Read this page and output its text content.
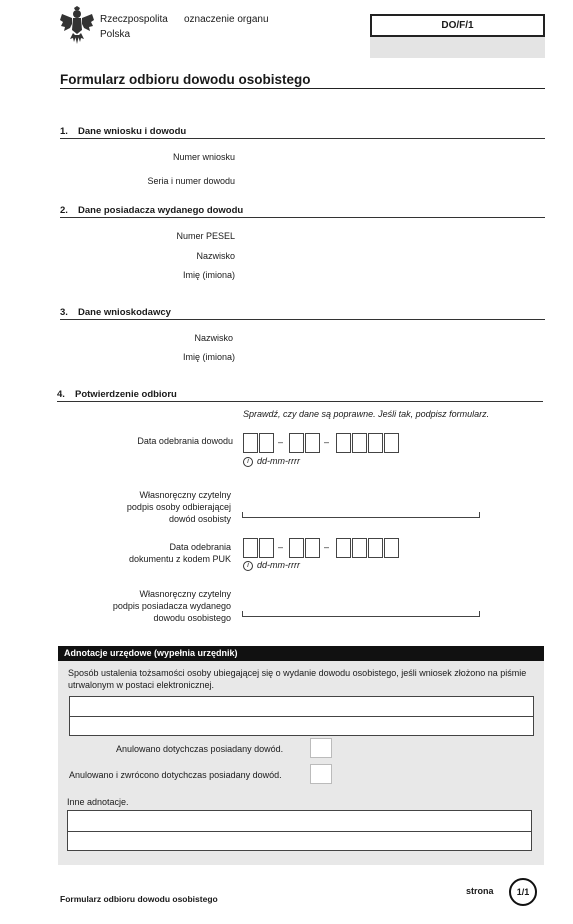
Rzeczpospolita
Polska
oznaczenie organu
DO/F/1
Formularz odbioru dowodu osobistego
1. Dane wniosku i dowodu
Numer wniosku
Seria i numer dowodu
2. Dane posiadacza wydanego dowodu
Numer PESEL
Nazwisko
Imię (imiona)
3. Dane wnioskodawcy
Nazwisko
Imię (imiona)
4. Potwierdzenie odbioru
Sprawdź, czy dane są poprawne. Jeśli tak, podpisz formularz.
Data odebrania dowodu	–	–
i dd-mm-rrrr
Własnoręczny czytelny
podpis osoby odbierającej
dowód osobisty
Data odebrania
dokumentu z kodem PUK
–	–
i dd-mm-rrrr
Własnoręczny czytelny
podpis posiadacza wydanego
dowodu osobistego
Adnotacje urzędowe (wypełnia urzędnik)
Sposób ustalenia tożsamości osoby ubiegającej się o wydanie dowodu osobistego, jeśli wniosek złożono na piśmie
utrwalonym w postaci elektronicznej.
Anulowano dotychczas posiadany dowód.
Anulowano i zwrócono dotychczas posiadany dowód.
Inne adnotacje.
Formularz odbioru dowodu osobistego
strona	1/1
